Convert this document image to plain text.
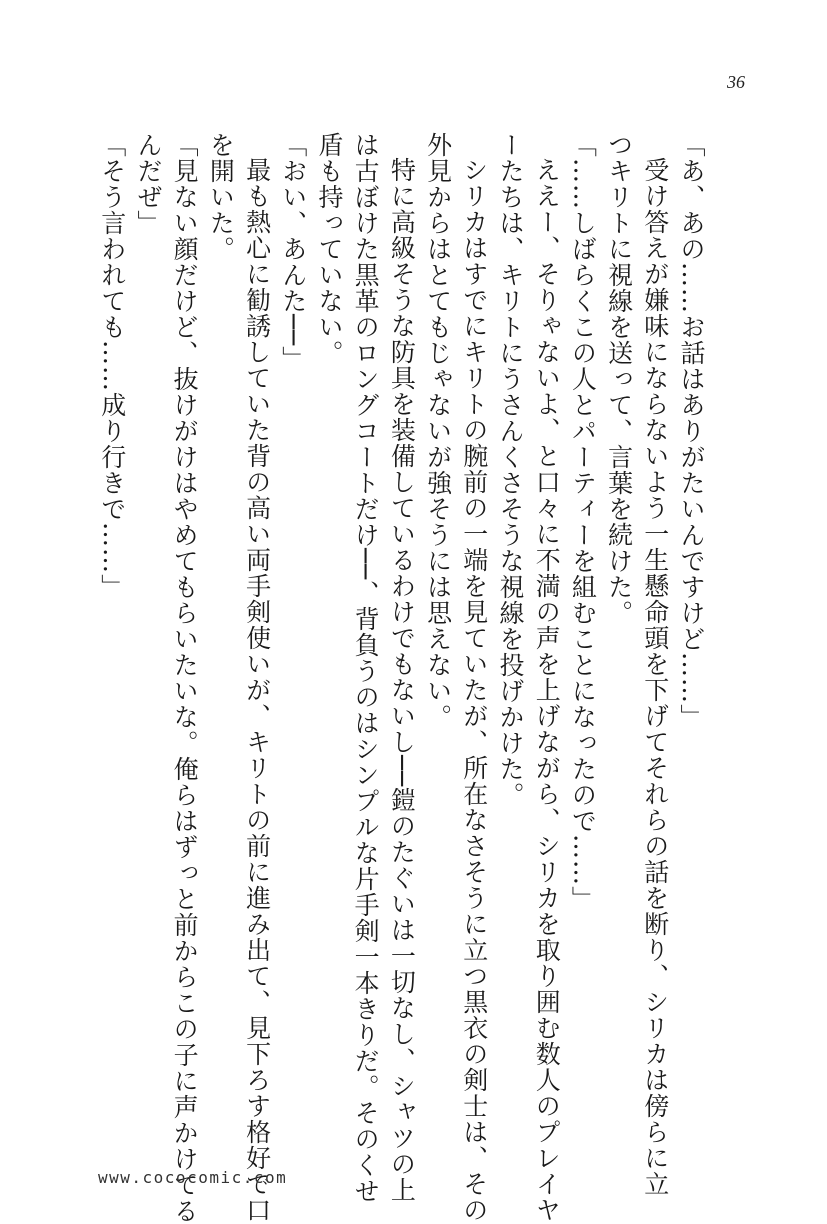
36
「あ、あの……お話はありがたいんですけど……」
受け答えが嫌味にならないよう一生懸命頭を下げてそれらの話を断り、シリカは傍らに立
つキリトに視線を送って、言葉を続けた。
「……しばらくこの人とパーティーを組むことになったので……」
ええー、そりゃないよ、と口々に不満の声を上げながら、シリカを取り囲む数人のプレイヤ
ーたちは、キリトにうさんくさそうな視線を投げかけた。
シリカはすでにキリトの腕前の一端を見ていたが、所在なさそうに立つ黒衣の剣士は、その
外見からはとてもじゃないが強そうには思えない。
特に高級そうな防具を装備しているわけでもないし──鎧のたぐいは一切なし、シャツの上
は古ぼけた黒革のロングコートだけ──、背負うのはシンプルな片手剣一本きりだ。そのくせ
盾も持っていない。
「おい、あんた──」
最も熱心に勧誘していた背の高い両手剣使いが、キリトの前に進み出て、見下ろす格好で口
を開いた。
「見ない顔だけど、抜けがけはやめてもらいたいな。俺らはずっと前からこの子に声かけてる
んだぜ」
「そう言われても……成り行きで……」
www.cococomic.com
